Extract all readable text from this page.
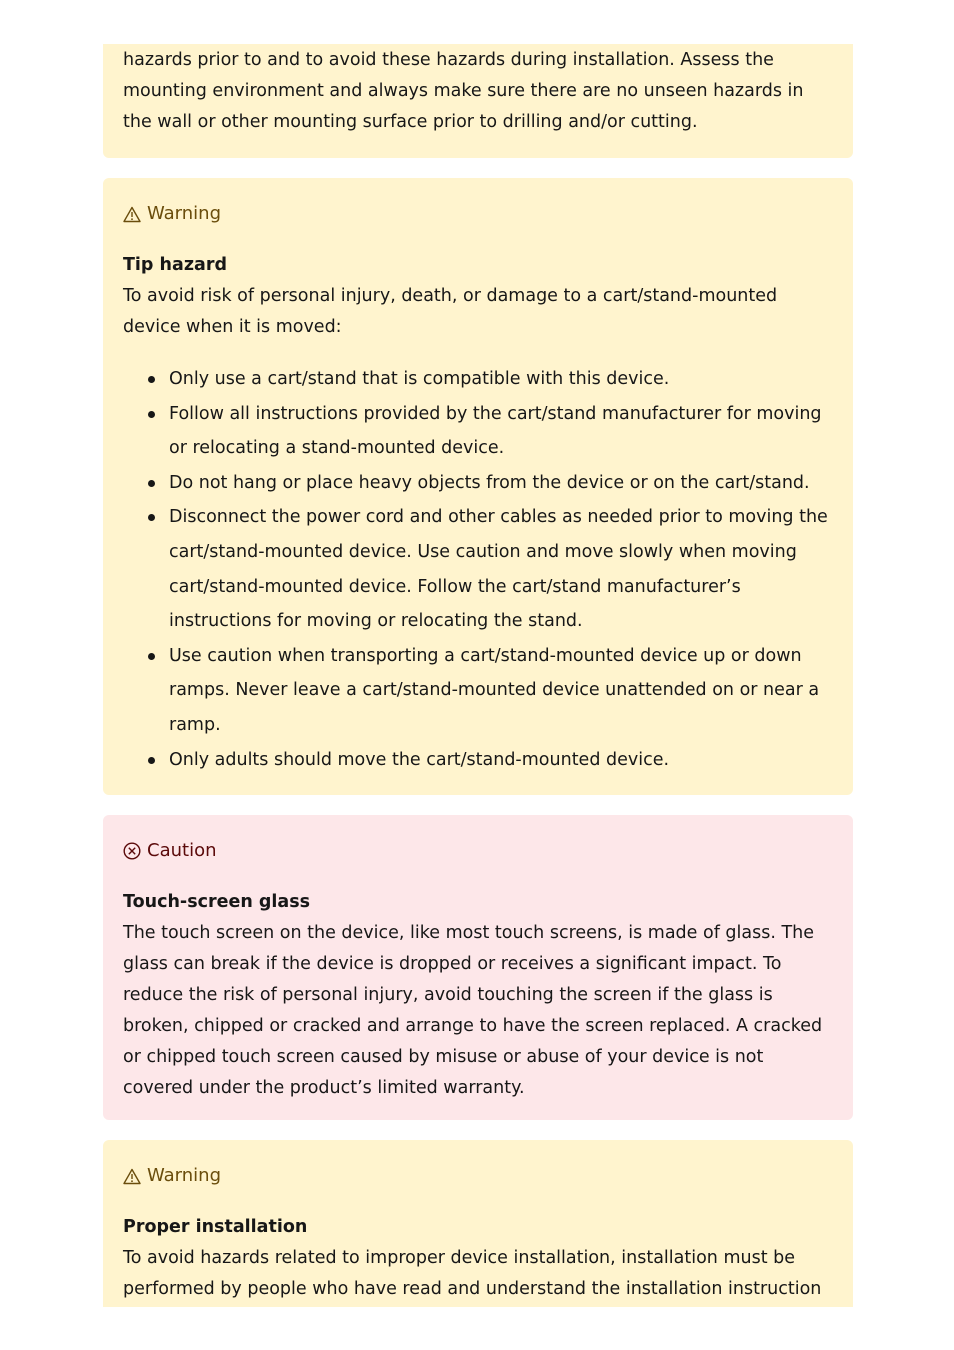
hazards prior to and to avoid these hazards during installation. Assess the mounting environment and always make sure there are no unseen hazards in the wall or other mounting surface prior to drilling and/or cutting.

Warning

Tip hazard

To avoid risk of personal injury, death, or damage to a cart/stand-mounted device when it is moved:

Only use a cart/stand that is compatible with this device.
Follow all instructions provided by the cart/stand manufacturer for moving or relocating a stand-mounted device.
Do not hang or place heavy objects from the device or on the cart/stand.
Disconnect the power cord and other cables as needed prior to moving the cart/stand-mounted device. Use caution and move slowly when moving cart/stand-mounted device. Follow the cart/stand manufacturer’s instructions for moving or relocating the stand.
Use caution when transporting a cart/stand-mounted device up or down ramps. Never leave a cart/stand-mounted device unattended on or near a ramp.
Only adults should move the cart/stand-mounted device.
Caution

Touch-screen glass

The touch screen on the device, like most touch screens, is made of glass. The glass can break if the device is dropped or receives a significant impact. To reduce the risk of personal injury, avoid touching the screen if the glass is broken, chipped or cracked and arrange to have the screen replaced. A cracked or chipped touch screen caused by misuse or abuse of your device is not covered under the product’s limited warranty.

Warning

Proper installation

To avoid hazards related to improper device installation, installation must be performed by people who have read and understand the installation instruction
